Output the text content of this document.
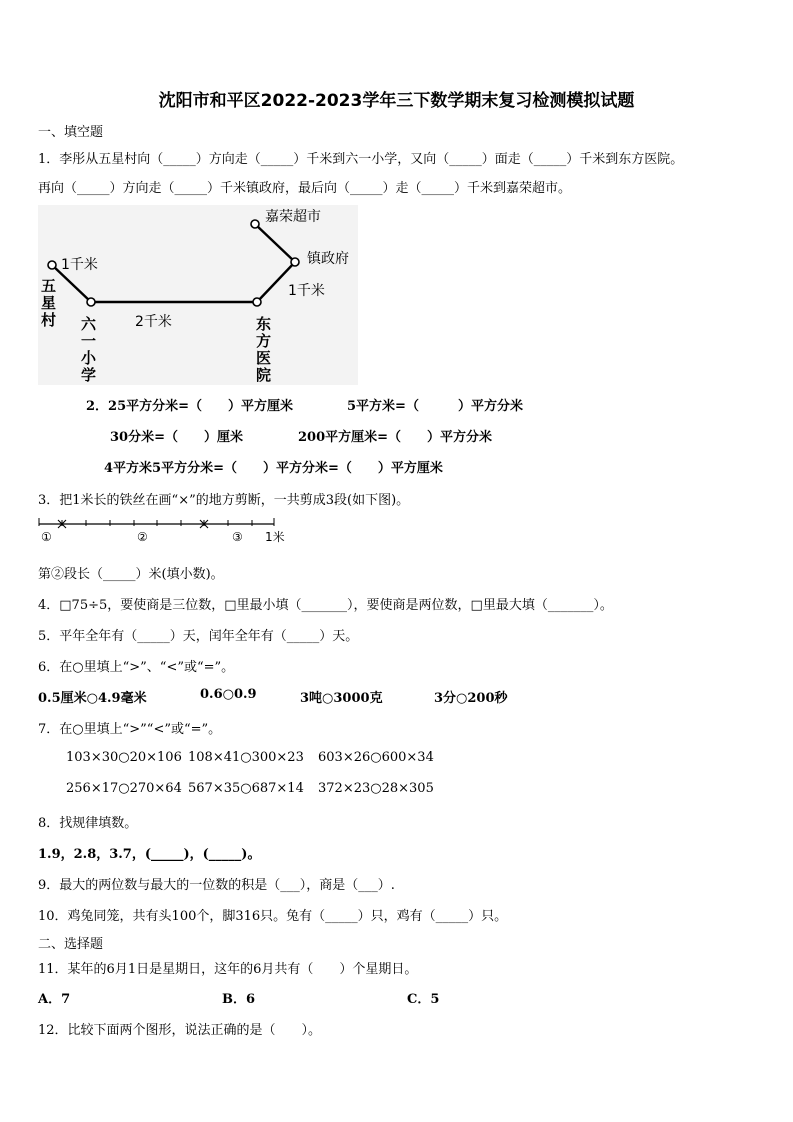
沈阳市和平区2022-2023学年三下数学期末复习检测模拟试题
一、填空题
1．李彤从五星村向（_____）方向走（_____）千米到六一小学，又向（_____）面走（_____）千米到东方医院。
再向（_____）方向走（_____）千米镇政府，最后向（_____）走（_____）千米到嘉荣超市。
嘉荣超市
镇政府
1千米
1千米
2千米
五
星
村 六
一
小
学
东
方
医
院
2．25平方分米=（　　）平方厘米	5平方米=（　　　）平方分米
30分米=（　　）厘米	200平方厘米=（　　）平方分米
4平方米5平方分米=（　　）平方分米=（　　）平方厘米
3．把1米长的铁丝在画“×”的地方剪断，一共剪成3段(如下图)。
①	②	③ 1米
第②段长（_____）米(填小数)。
4．□75÷5，要使商是三位数，□里最小填（_______），要使商是两位数，□里最大填（_______）。
5．平年全年有（_____）天，闰年全年有（_____）天。
6．在○里填上“>”、“<”或“=”。
0.5厘米○4.9毫米	0.6○0.9	3吨○3000克	3分○200秒
7．在○里填上“>”“<”或“=”。
103×30○20×106 108×41○300×23 603×26○600×34
256×17○270×64 567×35○687×14 372×23○28×305
8．找规律填数。
1.9，2.8，3.7，(_____)，(_____)。
9．最大的两位数与最大的一位数的积是（___），商是（___）.
10．鸡兔同笼，共有头100个，脚316只。兔有（_____）只，鸡有（_____）只。
二、选择题
11．某年的6月1日是星期日，这年的6月共有（　　）个星期日。
A．7	B．6	C．5
12．比较下面两个图形，说法正确的是（　　）。
